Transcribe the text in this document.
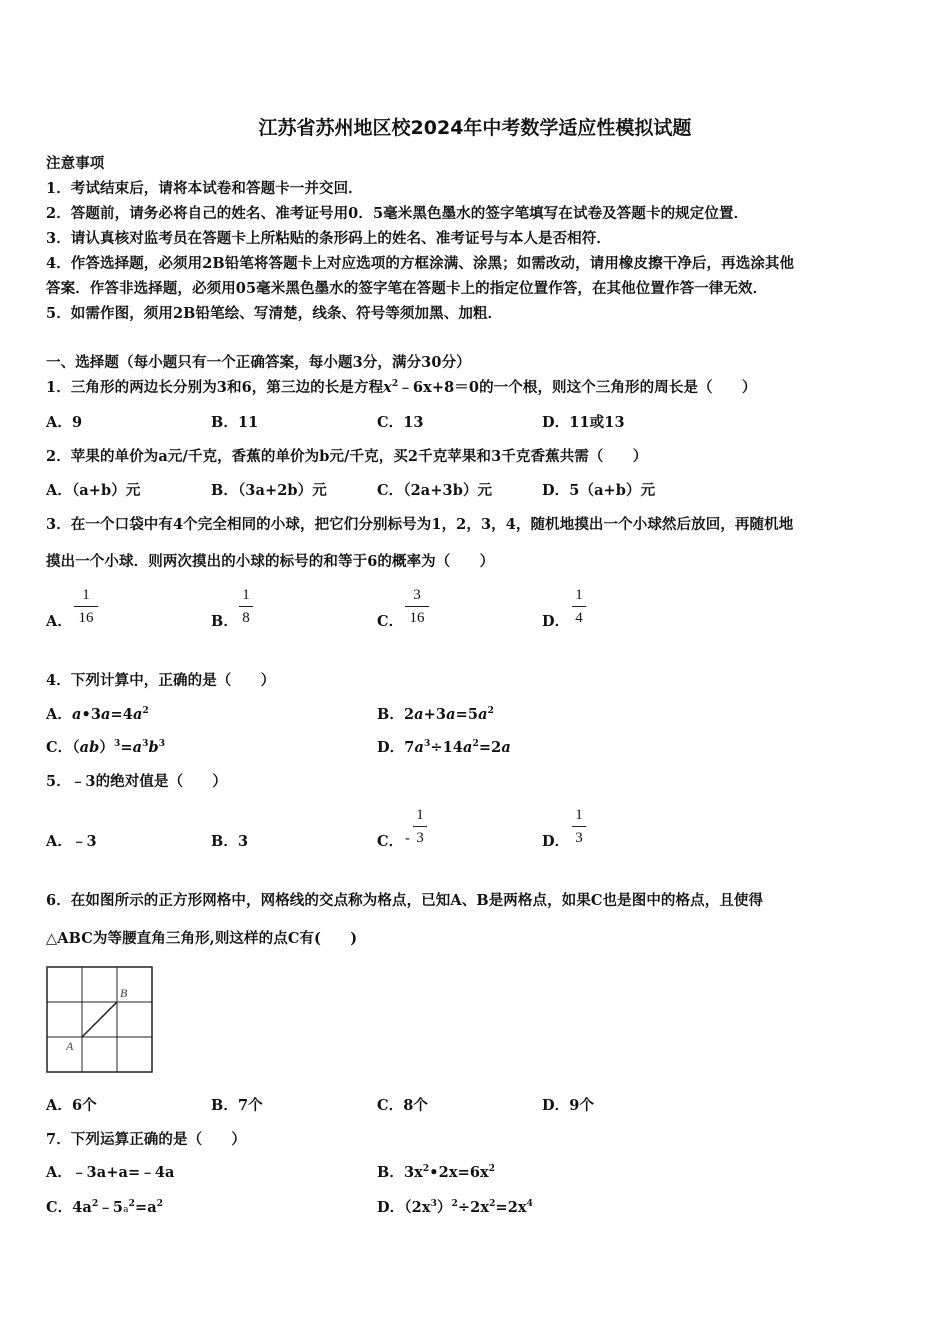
江苏省苏州地区校2024年中考数学适应性模拟试题
注意事项
1．考试结束后，请将本试卷和答题卡一并交回．
2．答题前，请务必将自己的姓名、准考证号用0．5毫米黑色墨水的签字笔填写在试卷及答题卡的规定位置．
3．请认真核对监考员在答题卡上所粘贴的条形码上的姓名、准考证号与本人是否相符．
4．作答选择题，必须用2B铅笔将答题卡上对应选项的方框涂满、涂黑；如需改动，请用橡皮擦干净后，再选涂其他
答案．作答非选择题，必须用05毫米黑色墨水的签字笔在答题卡上的指定位置作答，在其他位置作答一律无效．
5．如需作图，须用2B铅笔绘、写清楚，线条、符号等须加黑、加粗．
一、选择题（每小题只有一个正确答案，每小题3分，满分30分）
1．三角形的两边长分别为3和6，第三边的长是方程$x^2﹣6x+8=0$的一个根，则这个三角形的周长是（　　）
A．9	B．11	C．13	D．11或13
2．苹果的单价为a元/千克，香蕉的单价为b元/千克，买2千克苹果和3千克香蕉共需（　　）
A．（a+b）元	B．（3a+2b）元	C．（2a+3b）元	D．5（a+b）元
3．在一个口袋中有4个完全相同的小球，把它们分别标号为1，2，3，4，随机地摸出一个小球然后放回，再随机地
摸出一个小球．则两次摸出的小球的标号的和等于6的概率为（　　）
A．
1
16	B．
1
8	C．
3
16	D．
1
4
4．下列计算中，正确的是（　　）
A．$a•3a=4a^2$	B．$2a+3a=5a^2$
C．$(ab)^3=a^3b^3$	D．$7a^3\div 14a^2=2a$
5．﹣3的绝对值是（　　）
A．﹣3	B．3	C． -
1
3	D．
1
3
6．在如图所示的正方形网格中，网格线的交点称为格点，已知A、B是两格点，如果C也是图中的格点，且使得
△ABC为等腰直角三角形,则这样的点C有(　　)
B
A
A．6个	B．7个	C．8个	D．9个
7．下列运算正确的是（　　）
A．﹣3a+a=﹣4a	B．$3x^2•2x=6x^2$
C．$4a^2﹣5a^2=a^2$	D．$(2x^3)^2\div 2x^2=2x^4$
